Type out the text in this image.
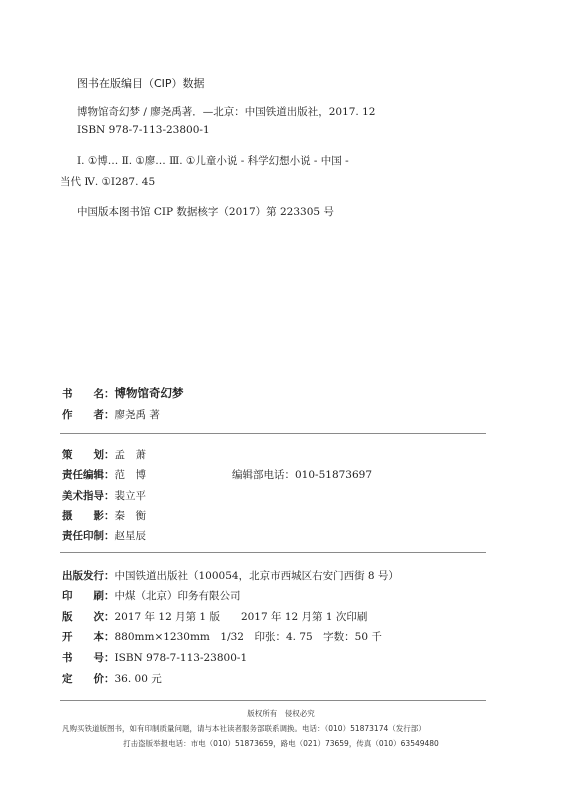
图书在版编目（CIP）数据
博物馆奇幻梦 / 廖尧禹著．—北京：中国铁道出版社，2017. 12
ISBN 978-7-113-23800-1
Ⅰ. ①博… Ⅱ. ①廖… Ⅲ. ①儿童小说 - 科学幻想小说 - 中国 -
当代 Ⅳ. ①I287. 45
中国版本图书馆 CIP 数据核字（2017）第 223305 号
书　　名： 博物馆奇幻梦
作　　者： 廖尧禹 著
策　　划： 孟　萧
责任编辑： 范　博	编辑部电话：010-51873697
美术指导： 裴立平
摄　　影： 秦　衡
责任印制： 赵星辰
出版发行： 中国铁道出版社（100054，北京市西城区右安门西街 8 号）
印　　刷： 中煤（北京）印务有限公司
版　　次： 2017 年 12 月第 1 版　　2017 年 12 月第 1 次印刷
开　　本： 880mm×1230mm　1/32　印张：4. 75　字数：50 千
书　　号： ISBN 978-7-113-23800-1
定　　价： 36. 00 元
版权所有　侵权必究
凡购买铁道版图书，如有印制质量问题，请与本社读者服务部联系调换。电话：（010）51873174（发行部）
打击盗版举报电话：市电（010）51873659，路电（021）73659，传真（010）63549480
